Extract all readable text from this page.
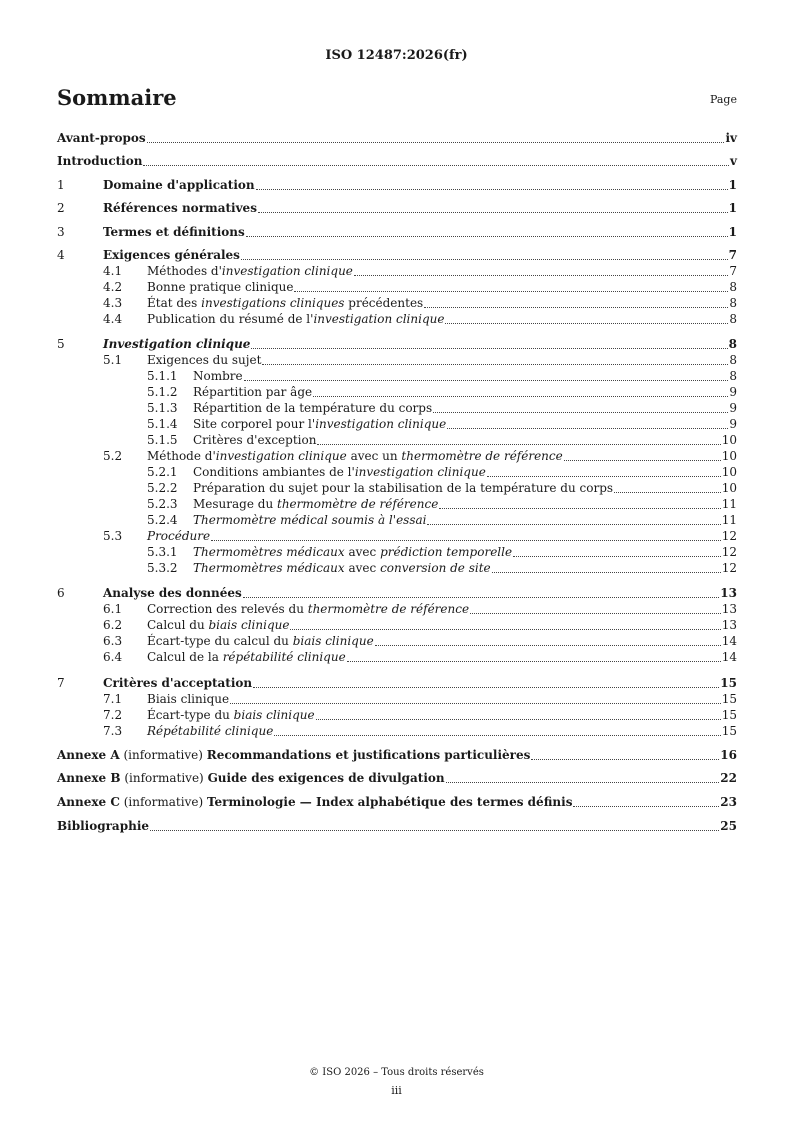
ISO 12487:2026(fr)
Sommaire	Page
Avant-propos	iv
Introduction	v
1	Domaine d'application	1
2	Références normatives	1
3	Termes et définitions	1
4	Exigences générales	7
4.1 Méthodes d'investigation clinique	7
4.2 Bonne pratique clinique	8
4.3 État des investigations cliniques précédentes	8
4.4 Publication du résumé de l'investigation clinique	8
5	Investigation clinique	8
5.1 Exigences du sujet	8
5.1.1 Nombre	8
5.1.2 Répartition par âge	9
5.1.3 Répartition de la température du corps	9
5.1.4 Site corporel pour l'investigation clinique	9
5.1.5 Critères d'exception	10
5.2 Méthode d'investigation clinique avec un thermomètre de référence	10
5.2.1 Conditions ambiantes de l'investigation clinique	10
5.2.2 Préparation du sujet pour la stabilisation de la température du corps	10
5.2.3 Mesurage du thermomètre de référence	11
5.2.4 Thermomètre médical soumis à l'essai	11
5.3 Procédure	12
5.3.1 Thermomètres médicaux avec prédiction temporelle	12
5.3.2 Thermomètres médicaux avec conversion de site	12
6	Analyse des données	13
6.1 Correction des relevés du thermomètre de référence	13
6.2 Calcul du biais clinique	13
6.3 Écart-type du calcul du biais clinique	14
6.4 Calcul de la répétabilité clinique	14
7	Critères d'acceptation	15
7.1 Biais clinique	15
7.2 Écart-type du biais clinique	15
7.3 Répétabilité clinique	15
Annexe A (informative) Recommandations et justifications particulières	16
Annexe B (informative) Guide des exigences de divulgation	22
Annexe C (informative) Terminologie — Index alphabétique des termes définis	23
Bibliographie	25
© ISO 2026 – Tous droits réservés
iii
